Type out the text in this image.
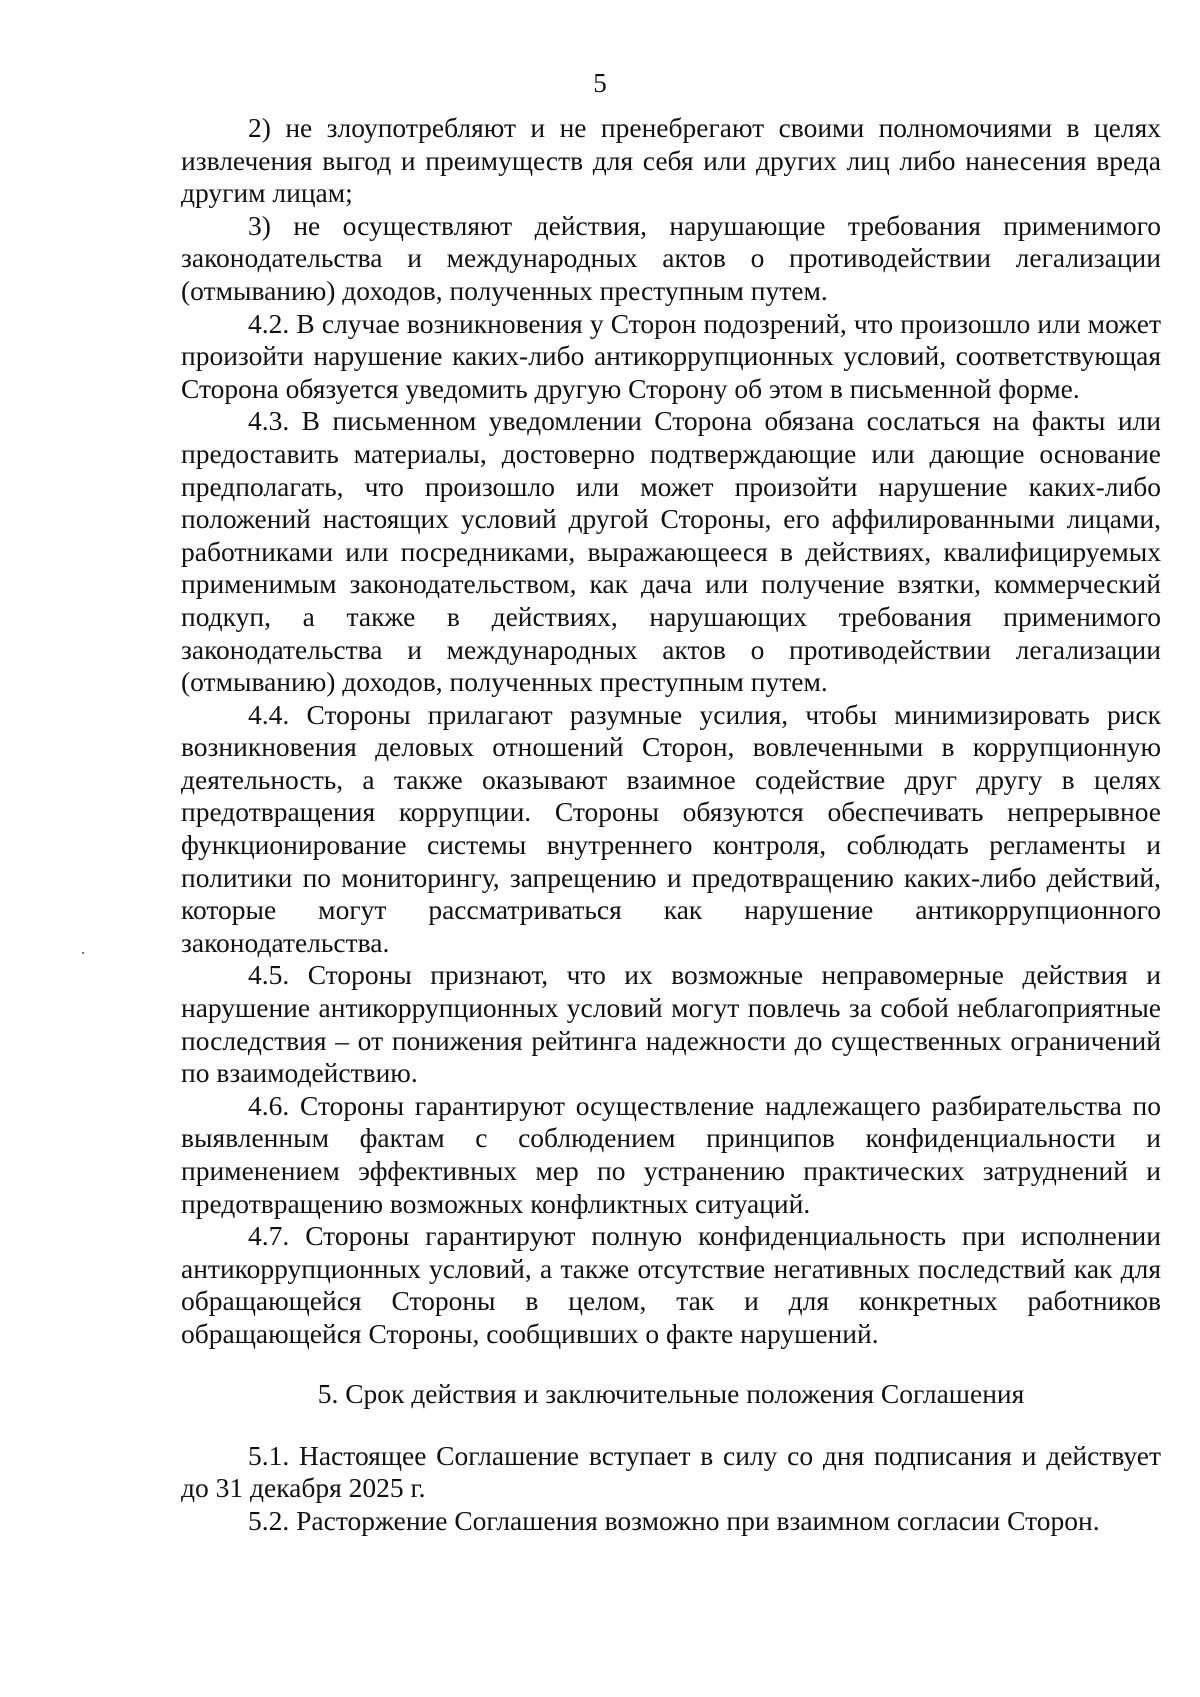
5

2) не злоупотребляют и не пренебрегают своими полномочиями в целях извлечения выгод и преимуществ для себя или других лиц либо нанесения вреда другим лицам;

3) не осуществляют действия, нарушающие требования применимого законодательства и международных актов о противодействии легализации (отмыванию) доходов, полученных преступным путем.

4.2. В случае возникновения у Сторон подозрений, что произошло или может произойти нарушение каких-либо антикоррупционных условий, соответствующая Сторона обязуется уведомить другую Сторону об этом в письменной форме.

4.3. В письменном уведомлении Сторона обязана сослаться на факты или предоставить материалы, достоверно подтверждающие или дающие основание предполагать, что произошло или может произойти нарушение каких-либо положений настоящих условий другой Стороны, его аффилированными лицами, работниками или посредниками, выражающееся в действиях, квалифицируемых применимым законодательством, как дача или получение взятки, коммерческий подкуп, а также в действиях, нарушающих требования применимого законодательства и международных актов о противодействии легализации (отмыванию) доходов, полученных преступным путем.

4.4. Стороны прилагают разумные усилия, чтобы минимизировать риск возникновения деловых отношений Сторон, вовлеченными в коррупционную деятельность, а также оказывают взаимное содействие друг другу в целях предотвращения коррупции. Стороны обязуются обеспечивать непрерывное функционирование системы внутреннего контроля, соблюдать регламенты и политики по мониторингу, запрещению и предотвращению каких-либо действий, которые могут рассматриваться как нарушение антикоррупционного законодательства.

4.5. Стороны признают, что их возможные неправомерные действия и нарушение антикоррупционных условий могут повлечь за собой неблагоприятные последствия – от понижения рейтинга надежности до существенных ограничений по взаимодействию.

4.6. Стороны гарантируют осуществление надлежащего разбирательства по выявленным фактам с соблюдением принципов конфиденциальности и применением эффективных мер по устранению практических затруднений и предотвращению возможных конфликтных ситуаций.

4.7. Стороны гарантируют полную конфиденциальность при исполнении антикоррупционных условий, а также отсутствие негативных последствий как для обращающейся Стороны в целом, так и для конкретных работников обращающейся Стороны, сообщивших о факте нарушений.

5. Срок действия и заключительные положения Соглашения

5.1. Настоящее Соглашение вступает в силу со дня подписания и действует до 31 декабря 2025 г.

5.2. Расторжение Соглашения возможно при взаимном согласии Сторон.
